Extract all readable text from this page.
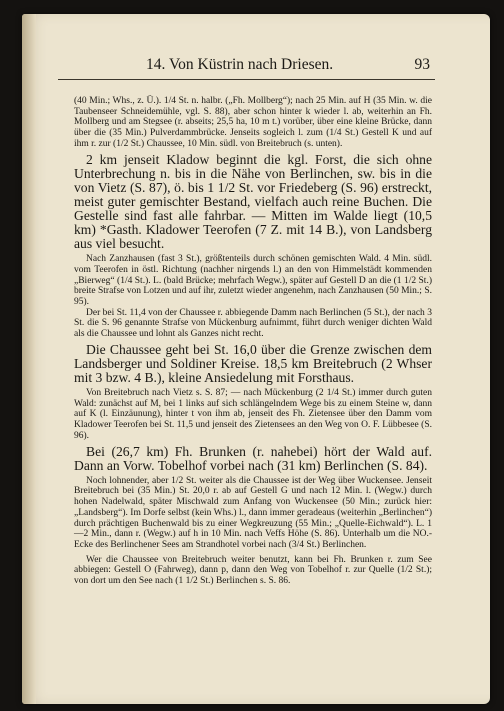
14. Von Küstrin nach Driesen.	93

(40 Min.; Whs., z. Ü.). 1/4 St. n. halbr. („Fh. Mollberg“); nach 25 Min. auf H (35 Min. w. die Taubenseer Schneidemühle, vgl. S. 88), aber schon hinter k wieder l. ab, weiterhin an Fh. Mollberg und am Stegsee (r. abseits; 25,5 ha, 10 m t.) vorüber, über eine kleine Brücke, dann über die (35 Min.) Pulverdammbrücke. Jenseits sogleich l. zum (1/4 St.) Gestell K und auf ihm r. zur (1/2 St.) Chaussee, 10 Min. südl. von Breitebruch (s. unten).

2 km jenseit Kladow beginnt die kgl. Forst, die sich ohne Unterbrechung n. bis in die Nähe von Berlinchen, sw. bis in die von Vietz (S. 87), ö. bis 1 1/2 St. vor Friedeberg (S. 96) erstreckt, meist guter gemischter Bestand, vielfach auch reine Buchen. Die Gestelle sind fast alle fahrbar. — Mitten im Walde liegt (10,5 km) *Gasth. Kladower Teerofen (7 Z. mit 14 B.), von Landsberg aus viel besucht.

Nach Zanzhausen (fast 3 St.), größtenteils durch schönen gemischten Wald. 4 Min. südl. vom Teerofen in östl. Richtung (nachher nirgends l.) an den von Himmelstädt kommenden „Bierweg“ (1/4 St.). L. (bald Brücke; mehrfach Wegw.), später auf Gestell D an die (1 1/2 St.) breite Strafse von Lotzen und auf ihr, zuletzt wieder angenehm, nach Zanzhausen (50 Min.; S. 95).

Der bei St. 11,4 von der Chaussee r. abbiegende Damm nach Berlinchen (5 St.), der nach 3 St. die S. 96 genannte Strafse von Mückenburg aufnimmt, führt durch weniger dichten Wald als die Chaussee und lohnt als Ganzes nicht recht.

Die Chaussee geht bei St. 16,0 über die Grenze zwischen dem Landsberger und Soldiner Kreise. 18,5 km Breitebruch (2 Whser mit 3 bzw. 4 B.), kleine Ansiedelung mit Forsthaus.

Von Breitebruch nach Vietz s. S. 87; — nach Mückenburg (2 1/4 St.) immer durch guten Wald: zunächst auf M, bei 1 links auf sich schlängelndem Wege bis zu einem Steine w, dann auf K (l. Einzäunung), hinter t von ihm ab, jenseit des Fh. Zietensee über den Damm vom Kladower Teerofen bei St. 11,5 und jenseit des Zietensees an den Weg von O. F. Lübbesee (S. 96).

Bei (26,7 km) Fh. Brunken (r. nahebei) hört der Wald auf. Dann an Vorw. Tobelhof vorbei nach (31 km) Berlinchen (S. 84).

Noch lohnender, aber 1/2 St. weiter als die Chaussee ist der Weg über Wuckensee. Jenseit Breitebruch bei (35 Min.) St. 20,0 r. ab auf Gestell G und nach 12 Min. l. (Wegw.) durch hohen Nadelwald, später Mischwald zum Anfang von Wuckensee (50 Min.; zurück hier: „Landsberg“). Im Dorfe selbst (kein Whs.) l., dann immer geradeaus (weiterhin „Berlinchen“) durch prächtigen Buchenwald bis zu einer Wegkreuzung (55 Min.; „Quelle-Eichwald“). L. 1—2 Min., dann r. (Wegw.) auf h in 10 Min. nach Veffs Höhe (S. 86). Unterhalb um die NO.-Ecke des Berlinchener Sees am Strandhotel vorbei nach (3/4 St.) Berlinchen.

Wer die Chaussee von Breitebruch weiter benutzt, kann bei Fh. Brunken r. zum See abbiegen: Gestell O (Fahrweg), dann p, dann den Weg von Tobelhof r. zur Quelle (1/2 St.); von dort um den See nach (1 1/2 St.) Berlinchen s. S. 86.
